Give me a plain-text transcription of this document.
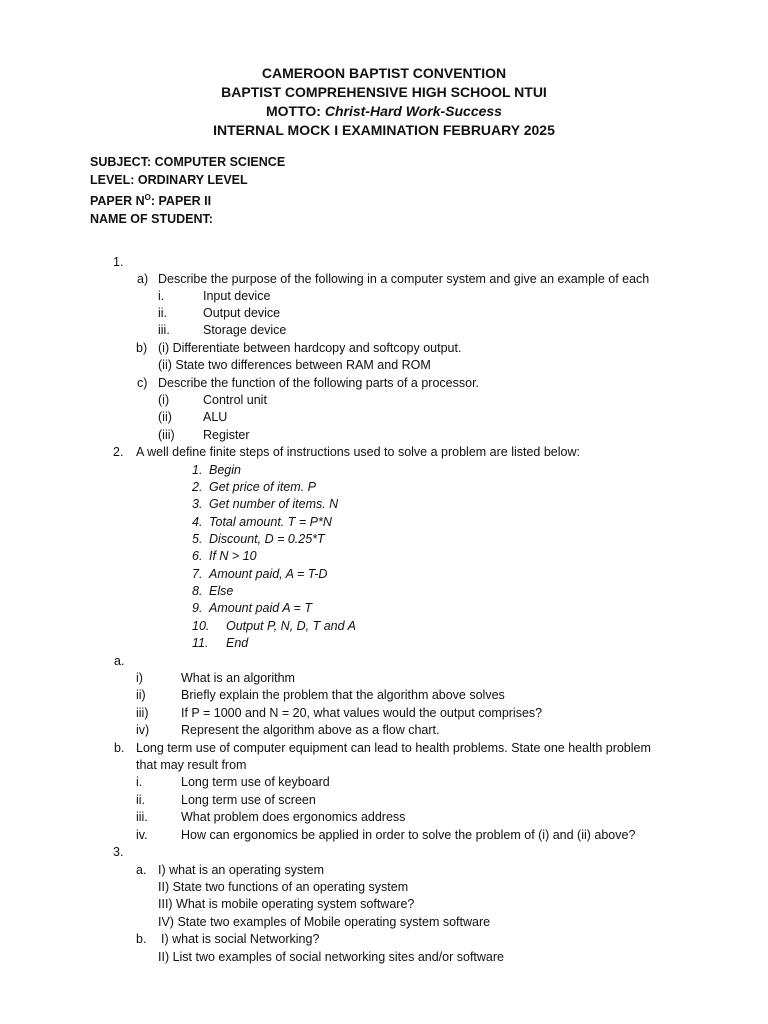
CAMEROON BAPTIST CONVENTION
BAPTIST COMPREHENSIVE HIGH SCHOOL NTUI
MOTTO: Christ-Hard Work-Success
INTERNAL MOCK I EXAMINATION FEBRUARY 2025
SUBJECT: COMPUTER SCIENCE
LEVEL: ORDINARY LEVEL
PAPER $N^O$: PAPER II
NAME OF STUDENT:
1.
a) Describe the purpose of the following in a computer system and give an example of each
i.	Input device
ii.	Output device
iii.	Storage device
b) (i) Differentiate between hardcopy and softcopy output.
(ii) State two differences between RAM and ROM
c) Describe the function of the following parts of a processor.
(i)	Control unit
(ii) ALU
(iii) Register
2. A well define finite steps of instructions used to solve a problem are listed below:
1. Begin
2. Get price of item. P
3. Get number of items. N
4. Total amount. T = P*N
5. Discount, D = 0.25*T
6. If N > 10
7. Amount paid, A = T-D
8. Else
9. Amount paid A = T
10. Output P, N, D, T and A
11. End
a.
i)	What is an algorithm
ii)	Briefly explain the problem that the algorithm above solves
iii)	If P = 1000 and N = 20, what values would the output comprises?
iv)	Represent the algorithm above as a flow chart.
b. Long term use of computer equipment can lead to health problems. State one health problem
that may result from
i.	Long term use of keyboard
ii.	Long term use of screen
iii.	What problem does ergonomics address
iv.	How can ergonomics be applied in order to solve the problem of (i) and (ii) above?
3.
a. I) what is an operating system
II) State two functions of an operating system
III) What is mobile operating system software?
IV) State two examples of Mobile operating system software
b. I) what is social Networking?
II) List two examples of social networking sites and/or software
